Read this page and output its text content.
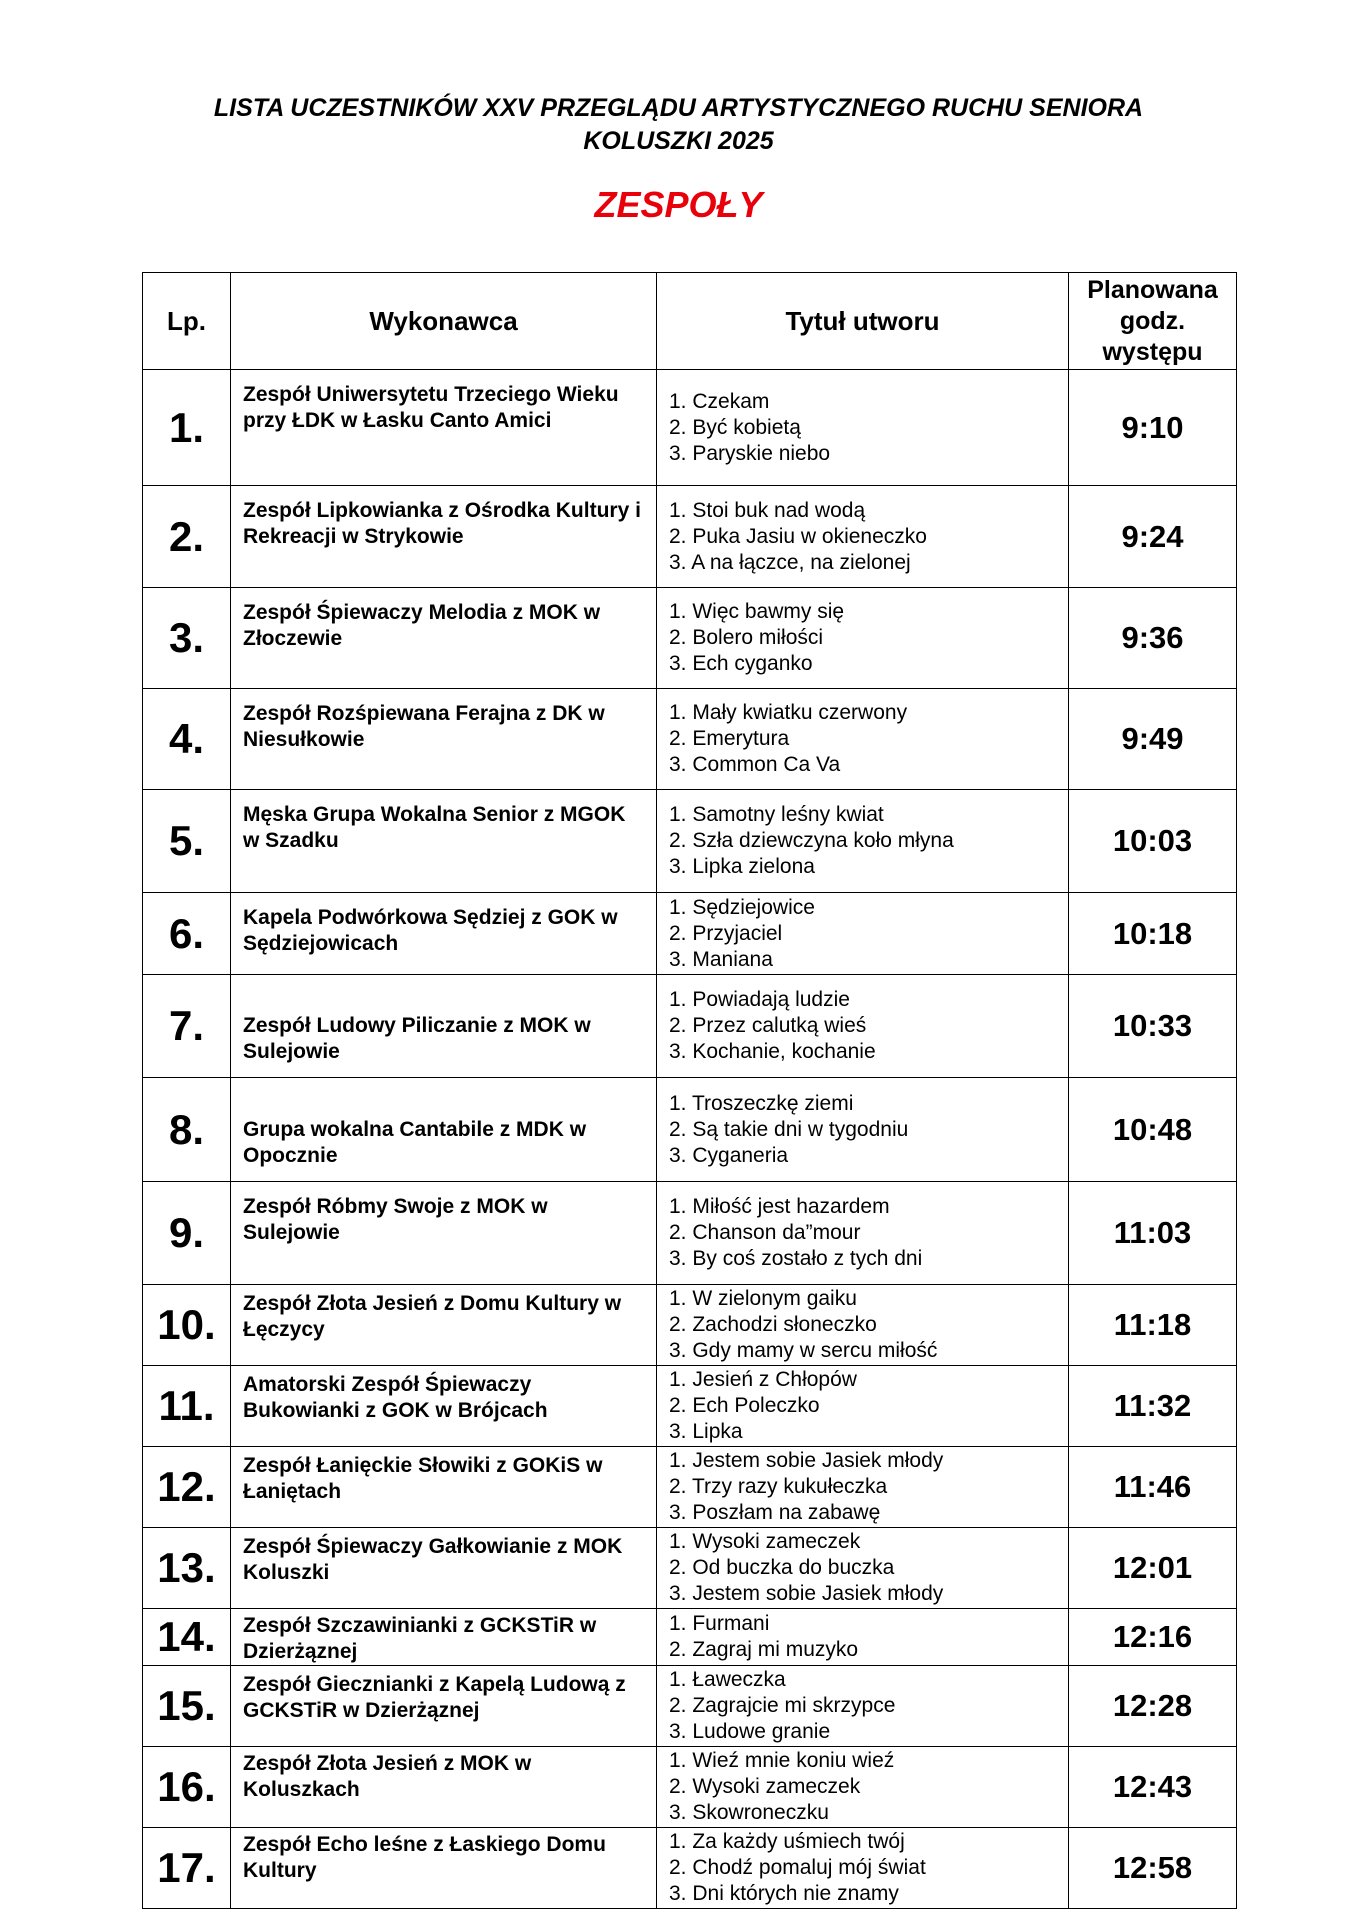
LISTA UCZESTNIKÓW XXV PRZEGLĄDU ARTYSTYCZNEGO RUCHU SENIORA
KOLUSZKI 2025
ZESPOŁY
Lp.	Wykonawca	Tytuł utworu	Planowana
godz.
występu

1.	Zespół Uniwersytetu Trzeciego Wieku przy ŁDK w Łasku Canto Amici	1. Czekam
2. Być kobietą
3. Paryskie niebo	9:10
2.	Zespół Lipkowianka z Ośrodka Kultury i Rekreacji w Strykowie	1. Stoi buk nad wodą
2. Puka Jasiu w okieneczko
3. A na łączce, na zielonej	9:24
3.	Zespół Śpiewaczy Melodia z MOK w Złoczewie	1. Więc bawmy się
2. Bolero miłości
3. Ech cyganko	9:36
4.	Zespół Rozśpiewana Ferajna z DK w Niesułkowie	1. Mały kwiatku czerwony
2. Emerytura
3. Common Ca Va	9:49
5.	Męska Grupa Wokalna Senior z MGOK w Szadku	1. Samotny leśny kwiat
2. Szła dziewczyna koło młyna
3. Lipka zielona	10:03
6.	Kapela Podwórkowa Sędziej z GOK w Sędziejowicach	1. Sędziejowice
2. Przyjaciel
3. Maniana	10:18
7.	Zespół Ludowy Piliczanie z MOK w Sulejowie	1. Powiadają ludzie
2. Przez calutką wieś
3. Kochanie, kochanie	10:33
8.	Grupa wokalna Cantabile z MDK w Opocznie	1. Troszeczkę ziemi
2. Są takie dni w tygodniu
3. Cyganeria	10:48
9.	Zespół Róbmy Swoje z MOK w Sulejowie	1. Miłość jest hazardem
2. Chanson da”mour
3. By coś zostało z tych dni	11:03
10.	Zespół Złota Jesień z Domu Kultury w Łęczycy	1. W zielonym gaiku
2. Zachodzi słoneczko
3. Gdy mamy w sercu miłość	11:18
11.	Amatorski Zespół Śpiewaczy Bukowianki z GOK w Brójcach	1. Jesień z Chłopów
2. Ech Poleczko
3. Lipka	11:32
12.	Zespół Łanięckie Słowiki z GOKiS w Łaniętach	1. Jestem sobie Jasiek młody
2. Trzy razy kukułeczka
3. Poszłam na zabawę	11:46
13.	Zespół Śpiewaczy Gałkowianie z MOK Koluszki	1. Wysoki zameczek
2. Od buczka do buczka
3. Jestem sobie Jasiek młody	12:01
14.	Zespół Szczawinianki z GCKSTiR w Dzierżąznej	1. Furmani
2. Zagraj mi muzyko	12:16
15.	Zespół Giecznianki z Kapelą Ludową z GCKSTiR w Dzierżąznej	1. Ławeczka
2. Zagrajcie mi skrzypce
3. Ludowe granie	12:28
16.	Zespół Złota Jesień z MOK w Koluszkach	1. Wieź mnie koniu wieź
2. Wysoki zameczek
3. Skowroneczku	12:43
17.	Zespół Echo leśne z Łaskiego Domu Kultury	1. Za każdy uśmiech twój
2. Chodź pomaluj mój świat
3. Dni których nie znamy	12:58
